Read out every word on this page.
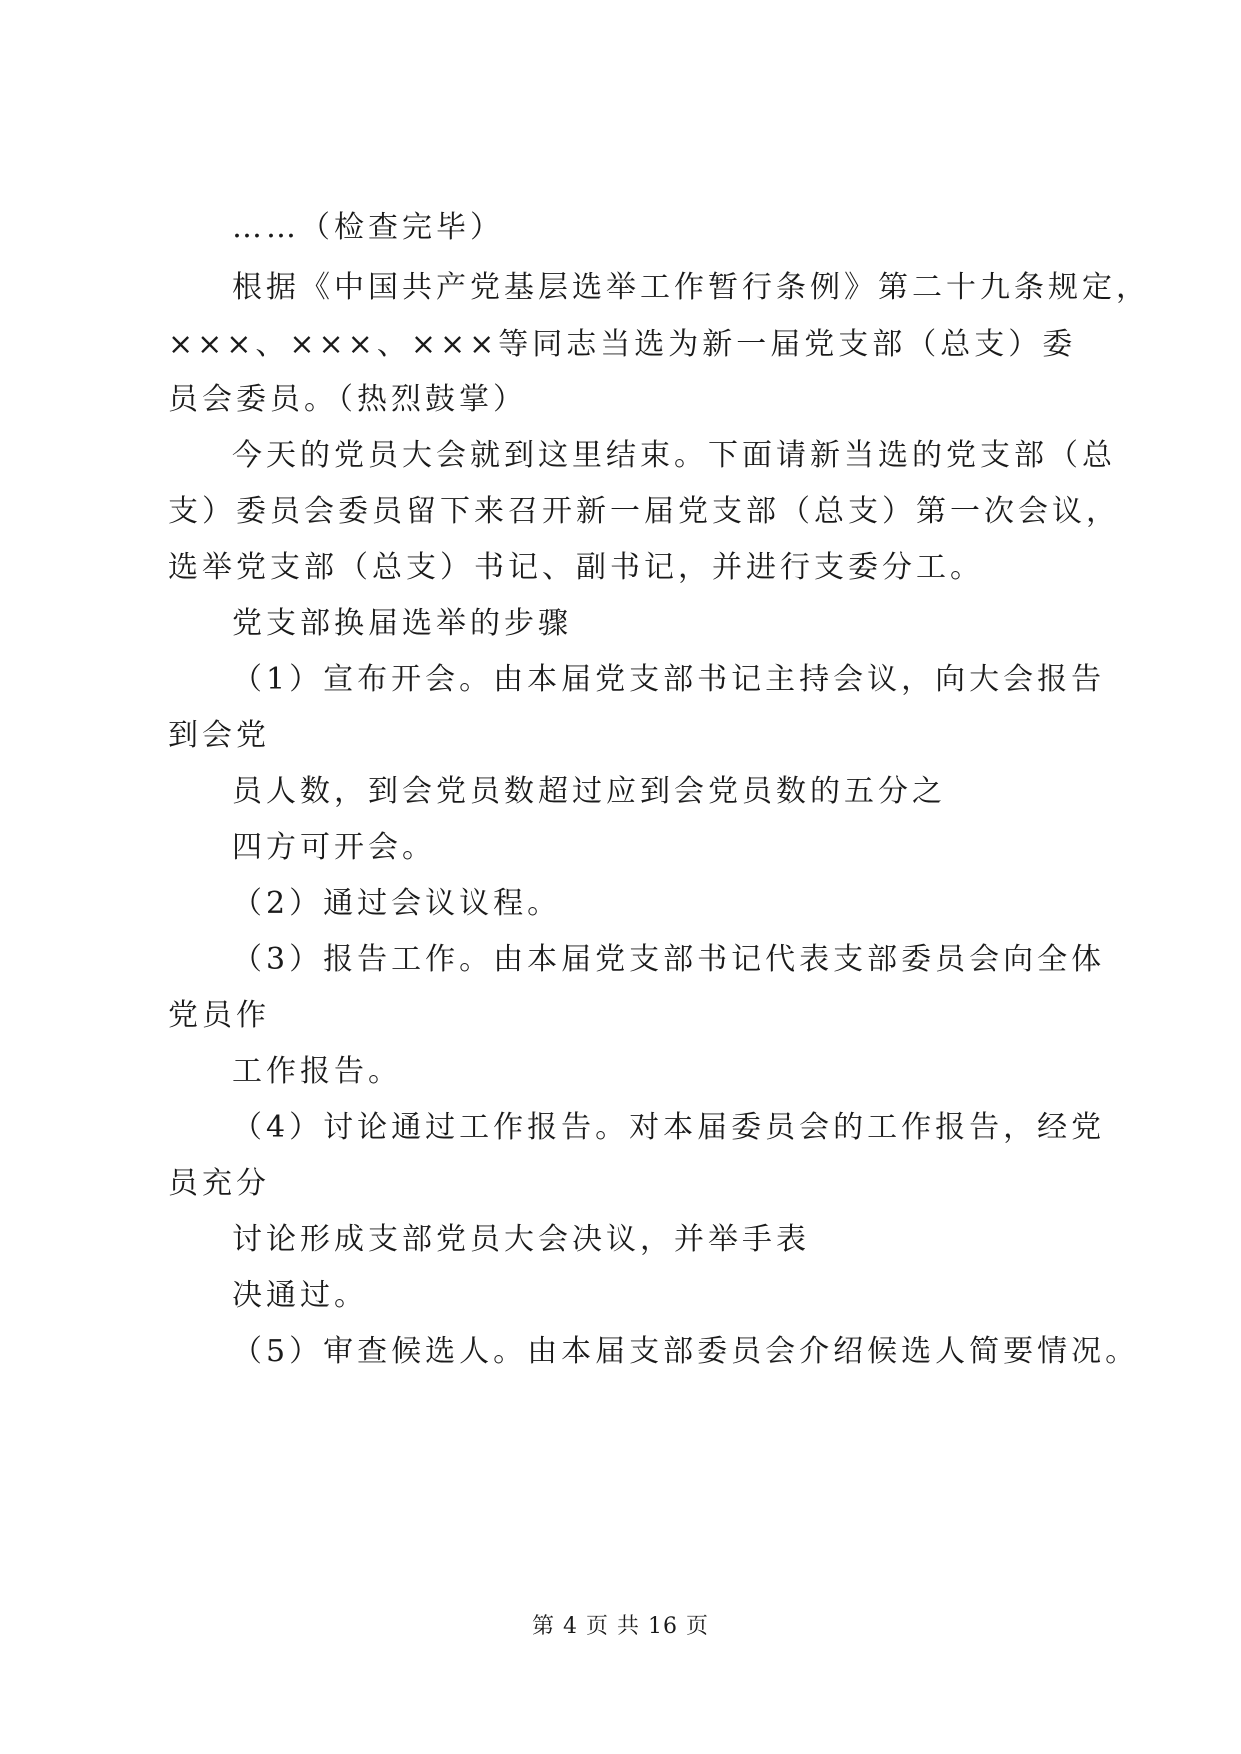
……（检查完毕）
根据《中国共产党基层选举工作暂行条例》第二十九条规定，
×××、×××、×××等同志当选为新一届党支部（总支）委
员会委员。（热烈鼓掌）
今天的党员大会就到这里结束。下面请新当选的党支部（总
支）委员会委员留下来召开新一届党支部（总支）第一次会议，
选举党支部（总支）书记、副书记，并进行支委分工。
党支部换届选举的步骤
（1）宣布开会。由本届党支部书记主持会议，向大会报告
到会党
员人数，到会党员数超过应到会党员数的五分之
四方可开会。
（2）通过会议议程。
（3）报告工作。由本届党支部书记代表支部委员会向全体
党员作
工作报告。
（4）讨论通过工作报告。对本届委员会的工作报告，经党
员充分
讨论形成支部党员大会决议，并举手表
决通过。
（5）审查候选人。由本届支部委员会介绍候选人简要情况。
第 4 页 共 16 页
